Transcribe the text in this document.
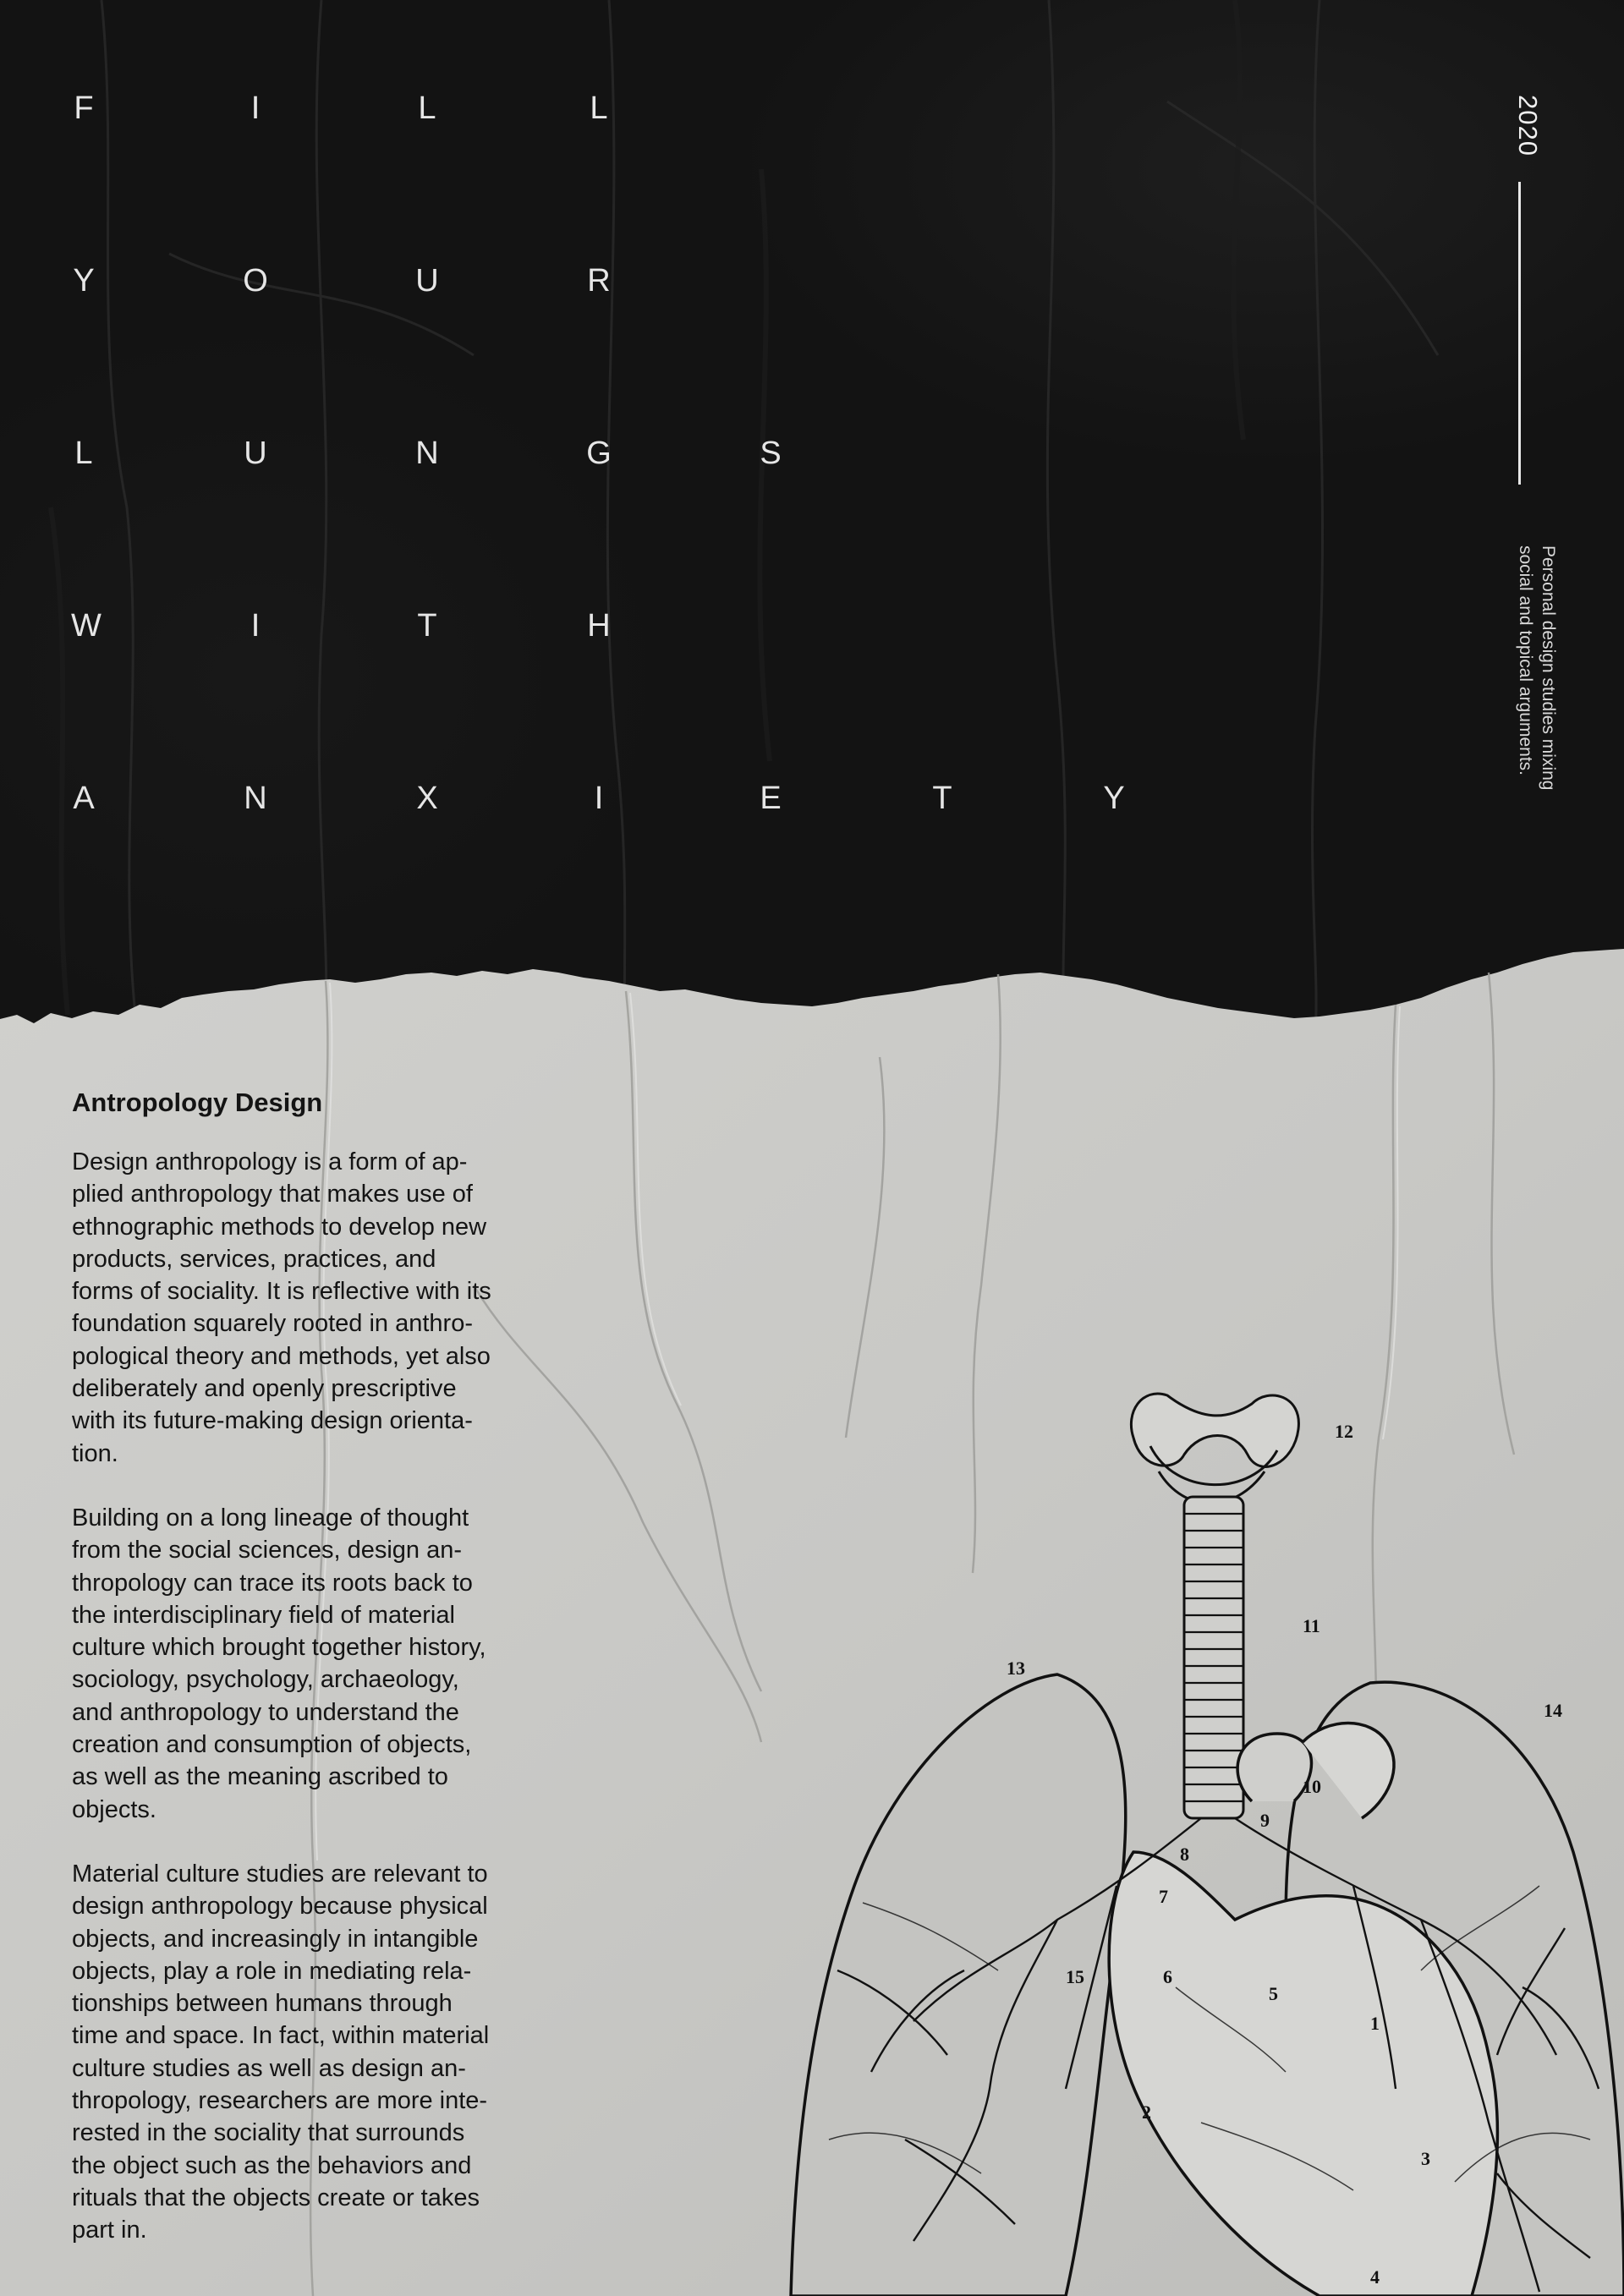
F	I	L	L
Y	O	U	R
L	U	N	G	S
W	I	T	H
A	N	X	I	E	T	Y
2020
Personal design studies mixing social and topical arguments.
12
11
13
14
8
9
10
7
6
5
15
2
3
1
4
Antropology Design

Design anthropology is a form of ap-
plied anthropology that makes use of
ethnographic methods to develop new
products, services, practices, and
forms of sociality. It is reflective with its
foundation squarely rooted in anthro-
pological theory and methods, yet also
deliberately and openly prescriptive
with its future-making design orienta-
tion.

Building on a long lineage of thought
from the social sciences, design an-
thropology can trace its roots back to
the interdisciplinary field of material
culture which brought together history,
sociology, psychology, archaeology,
and anthropology to understand the
creation and consumption of objects,
as well as the meaning ascribed to
objects.

Material culture studies are relevant to
design anthropology because physical
objects, and increasingly in intangible
objects, play a role in mediating rela-
tionships between humans through
time and space. In fact, within material
culture studies as well as design an-
thropology, researchers are more inte-
rested in the sociality that surrounds
the object such as the behaviors and
rituals that the objects create or takes
part in.
